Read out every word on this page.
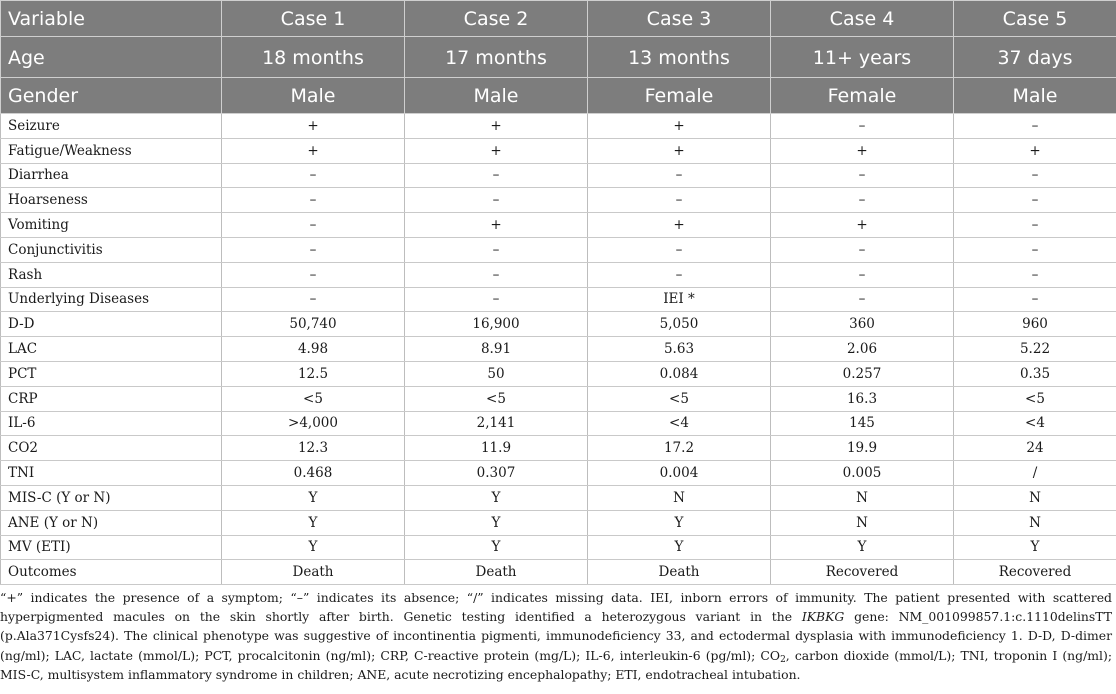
Variable	Case 1	Case 2	Case 3	Case 4	Case 5
Age	18 months	17 months	13 months	11+ years	37 days
Gender	Male	Male	Female	Female	Male
Seizure	+	+	+	–	–
Fatigue/Weakness	+	+	+	+	+
Diarrhea	–	–	–	–	–
Hoarseness	–	–	–	–	–
Vomiting	–	+	+	+	–
Conjunctivitis	–	–	–	–	–
Rash	–	–	–	–	–
Underlying Diseases	–	–	IEI *	–	–
D-D	50,740	16,900	5,050	360	960
LAC	4.98	8.91	5.63	2.06	5.22
PCT	12.5	50	0.084	0.257	0.35
CRP	<5	<5	<5	16.3	<5
IL-6	>4,000	2,141	<4	145	<4
CO2	12.3	11.9	17.2	19.9	24
TNI	0.468	0.307	0.004	0.005	/
MIS-C (Y or N)	Y	Y	N	N	N
ANE (Y or N)	Y	Y	Y	N	N
MV (ETI)	Y	Y	Y	Y	Y
Outcomes	Death	Death	Death	Recovered	Recovered

“+” indicates the presence of a symptom; “–” indicates its absence; “/” indicates missing data. IEI, inborn errors of immunity. The patient presented with scattered hyperpigmented macules on the skin shortly after birth. Genetic testing identified a heterozygous variant in the IKBKG gene: NM_001099857.1:c.1110delinsTT (p.Ala371Cysfs24). The clinical phenotype was suggestive of incontinentia pigmenti, immunodeficiency 33, and ectodermal dysplasia with immunodeficiency 1. D-D, D-dimer (ng/ml); LAC, lactate (mmol/L); PCT, procalcitonin (ng/ml); CRP, C-reactive protein (mg/L); IL-6, interleukin-6 (pg/ml); $CO_2$, carbon dioxide (mmol/L); TNI, troponin I (ng/ml); MIS-C, multisystem inflammatory syndrome in children; ANE, acute necrotizing encephalopathy; ETI, endotracheal intubation.
